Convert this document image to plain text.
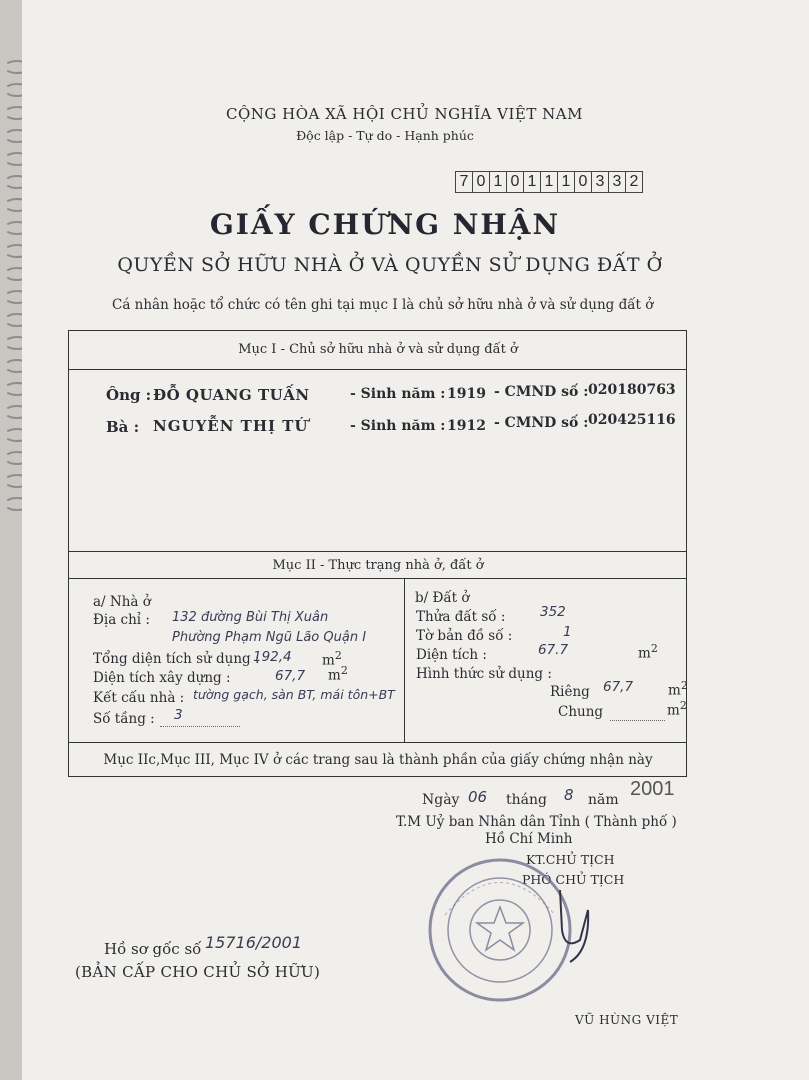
CỘNG HÒA XÃ HỘI CHỦ NGHĨA VIỆT NAM
Độc lập - Tự do - Hạnh phúc
7 0 1 0 1 1 1 0 3 3 2
GIẤY CHỨNG NHẬN
QUYỀN SỞ HỮU NHÀ Ở VÀ QUYỀN SỬ DỤNG ĐẤT Ở
Cá nhân hoặc tổ chức có tên ghi tại mục I là chủ sở hữu nhà ở và sử dụng đất ở
Mục I - Chủ sở hữu nhà ở và sử dụng đất ở
Ông : ĐỖ QUANG TUẤN	- Sinh năm : 1919 - CMND số : 020180763
Bà : NGUYỄN THỊ TỨ	- Sinh năm : 1912 - CMND số : 020425116
Mục II - Thực trạng nhà ở, đất ở
a/ Nhà ở
Địa chỉ : 132 đường Bùi Thị Xuân
Phường Phạm Ngũ Lão Quận I
Tổng diện tích sử dụng :
192,4 $m^2$
Diện tích xây dựng :	67,7 $m^2$
Kết cấu nhà : tường gạch, sàn BT, mái tôn+BT
Số tầng : 3
b/ Đất ở
Thửa đất số :	352
Tờ bản đồ số :	1
Diện tích :	67.7	$m^2$
Hình thức sử dụng :
Riêng 67,7	$m^2$
Chung	$m^2$
Mục IIc,Mục III, Mục IV ở các trang sau là thành phần của giấy chứng nhận này
Ngày 06 tháng 8 năm 2001
T.M Uỷ ban Nhân dân Tỉnh ( Thành phố )
Hồ Chí Minh
KT.CHỦ TỊCH
PHÓ CHỦ TỊCH
VŨ HÙNG VIỆT
Hồ sơ gốc số 15716/2001
(BẢN CẤP CHO CHỦ SỞ HỮU)
